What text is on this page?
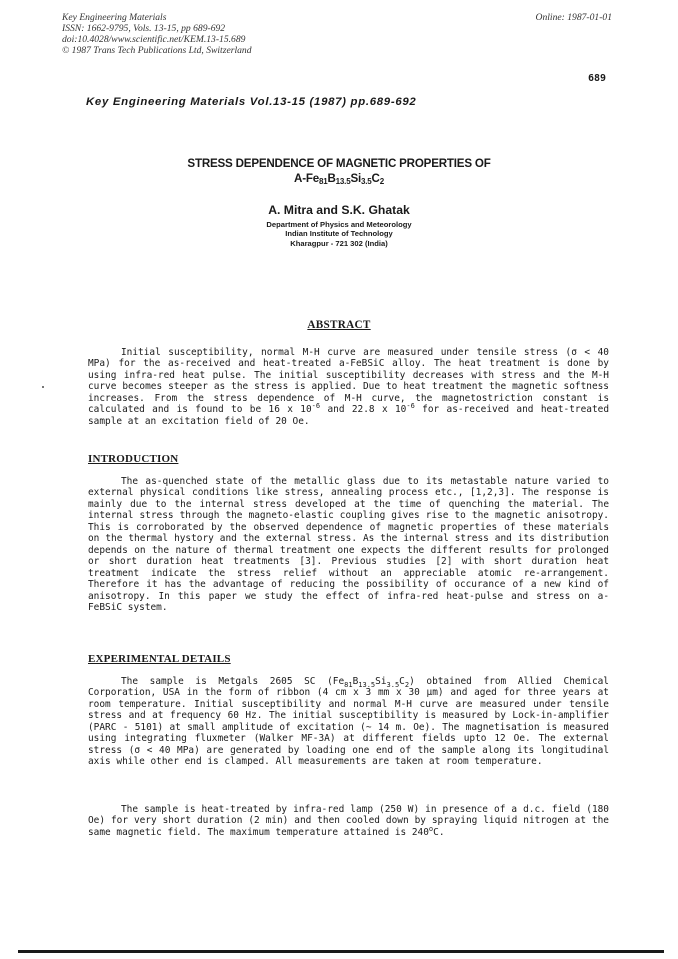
Key Engineering Materials
ISSN: 1662-9795, Vols. 13-15, pp 689-692
doi:10.4028/www.scientific.net/KEM.13-15.689
© 1987 Trans Tech Publications Ltd, Switzerland
Online: 1987-01-01
689
Key Engineering Materials Vol.13-15 (1987) pp.689-692
STRESS DEPENDENCE OF MAGNETIC PROPERTIES OF
$A-Fe_{81}B_{13.5}Si_{3.5}C_2$
A. Mitra and S.K. Ghatak
Department of Physics and Meteorology
Indian Institute of Technology
Kharagpur - 721 302 (India)
ABSTRACT
Initial susceptibility, normal M-H curve are measured under tensile stress (σ < 40 MPa) for the as-received and heat-treated a-FeBSiC alloy. The heat treatment is done by using infra-red heat pulse. The initial susceptibility decreases with stress and the M-H curve becomes steeper as the stress is applied. Due to heat treatment the magnetic softness increases. From the stress dependence of M-H curve, the magnetostriction constant is calculated and is found to be 16 x $10^{-6}$ and 22.8 x $10^{-6}$ for as-received and heat-treated sample at an excitation field of 20 Oe.
INTRODUCTION
The as-quenched state of the metallic glass due to its metastable nature varied to external physical conditions like stress, annealing process etc., [1,2,3]. The response is mainly due to the internal stress developed at the time of quenching the material. The internal stress through the magneto-elastic coupling gives rise to the magnetic anisotropy. This is corroborated by the observed dependence of magnetic properties of these materials on the thermal hystory and the external stress. As the internal stress and its distribution depends on the nature of thermal treatment one expects the different results for prolonged or short duration heat treatments [3]. Previous studies [2] with short duration heat treatment indicate the stress relief without an appreciable atomic re-arrangement. Therefore it has the advantage of reducing the possibility of occurance of a new kind of anisotropy. In this paper we study the effect of infra-red heat-pulse and stress on a-FeBSiC system.
EXPERIMENTAL DETAILS
The sample is Metgals 2605 SC $(Fe_{81}B_{13.5}Si_{3.5}C_2)$ obtained from Allied Chemical Corporation, USA in the form of ribbon (4 cm x 3 mm x 30 μm) and aged for three years at room temperature. Initial susceptibility and normal M-H curve are measured under tensile stress and at frequency 60 Hz. The initial susceptibility is measured by Lock-in-amplifier (PARC - 5101) at small amplitude of excitation (~ 14 m. Oe). The magnetisation is measured using integrating fluxmeter (Walker MF-3A) at different fields upto 12 Oe. The external stress (σ < 40 MPa) are generated by loading one end of the sample along its longitudinal axis while other end is clamped. All measurements are taken at room temperature.
The sample is heat-treated by infra-red lamp (250 W) in presence of a d.c. field (180 Oe) for very short duration (2 min) and then cooled down by spraying liquid nitrogen at the same magnetic field. The maximum temperature attained is 240$^o$C.
